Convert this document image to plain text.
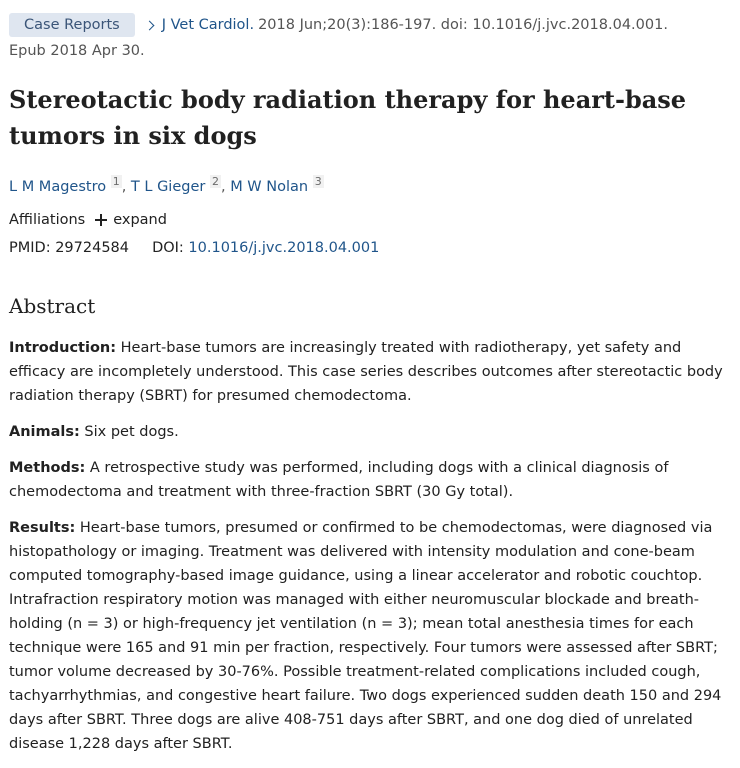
Case Reports	J Vet Cardiol. 2018 Jun;20(3):186-197. doi: 10.1016/j.jvc.2018.04.001.
Epub 2018 Apr 30.
Stereotactic body radiation therapy for heart-base tumors in six dogs
L M Magestro $^1$ , T L Gieger $^2$ , M W Nolan $^3$
Affiliations expand
PMID: 29724584 DOI: 10.1016/j.jvc.2018.04.001
Abstract

Introduction: Heart-base tumors are increasingly treated with radiotherapy, yet safety and efficacy are incompletely understood. This case series describes outcomes after stereotactic body radiation therapy (SBRT) for presumed chemodectoma.

Animals: Six pet dogs.

Methods: A retrospective study was performed, including dogs with a clinical diagnosis of chemodectoma and treatment with three-fraction SBRT (30 Gy total).

Results: Heart-base tumors, presumed or confirmed to be chemodectomas, were diagnosed via histopathology or imaging. Treatment was delivered with intensity modulation and cone-beam computed tomography-based image guidance, using a linear accelerator and robotic couchtop. Intrafraction respiratory motion was managed with either neuromuscular blockade and breath-holding (n = 3) or high-frequency jet ventilation (n = 3); mean total anesthesia times for each technique were 165 and 91 min per fraction, respectively. Four tumors were assessed after SBRT; tumor volume decreased by 30-76%. Possible treatment-related complications included cough, tachyarrhythmias, and congestive heart failure. Two dogs experienced sudden death 150 and 294 days after SBRT. Three dogs are alive 408-751 days after SBRT, and one dog died of unrelated disease 1,228 days after SBRT.
